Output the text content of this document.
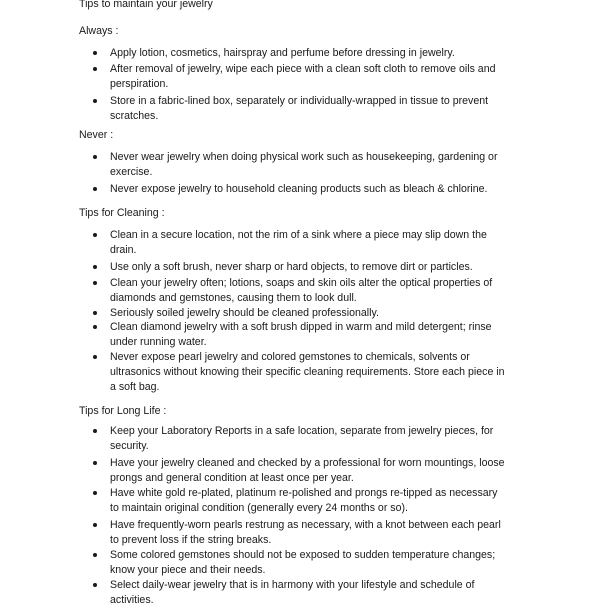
Tips to maintain your jewelry
Always :
Apply lotion, cosmetics, hairspray and perfume before dressing in jewelry.
After removal of jewelry, wipe each piece with a clean soft cloth to remove oils and
perspiration.
Store in a fabric-lined box, separately or individually-wrapped in tissue to prevent
scratches.
Never :
Never wear jewelry when doing physical work such as housekeeping, gardening or
exercise.
Never expose jewelry to household cleaning products such as bleach & chlorine.
Tips for Cleaning :
Clean in a secure location, not the rim of a sink where a piece may slip down the
drain.
Use only a soft brush, never sharp or hard objects, to remove dirt or particles.
Clean your jewelry often; lotions, soaps and skin oils alter the optical properties of
diamonds and gemstones, causing them to look dull.
Seriously soiled jewelry should be cleaned professionally.
Clean diamond jewelry with a soft brush dipped in warm and mild detergent; rinse
under running water.
Never expose pearl jewelry and colored gemstones to chemicals, solvents or
ultrasonics without knowing their specific cleaning requirements. Store each piece in
a soft bag.
Tips for Long Life :
Keep your Laboratory Reports in a safe location, separate from jewelry pieces, for
security.
Have your jewelry cleaned and checked by a professional for worn mountings, loose
prongs and general condition at least once per year.
Have white gold re-plated, platinum re-polished and prongs re-tipped as necessary
to maintain original condition (generally every 24 months or so).
Have frequently-worn pearls restrung as necessary, with a knot between each pearl
to prevent loss if the string breaks.
Some colored gemstones should not be exposed to sudden temperature changes;
know your piece and their needs.
Select daily-wear jewelry that is in harmony with your lifestyle and schedule of
activities.
